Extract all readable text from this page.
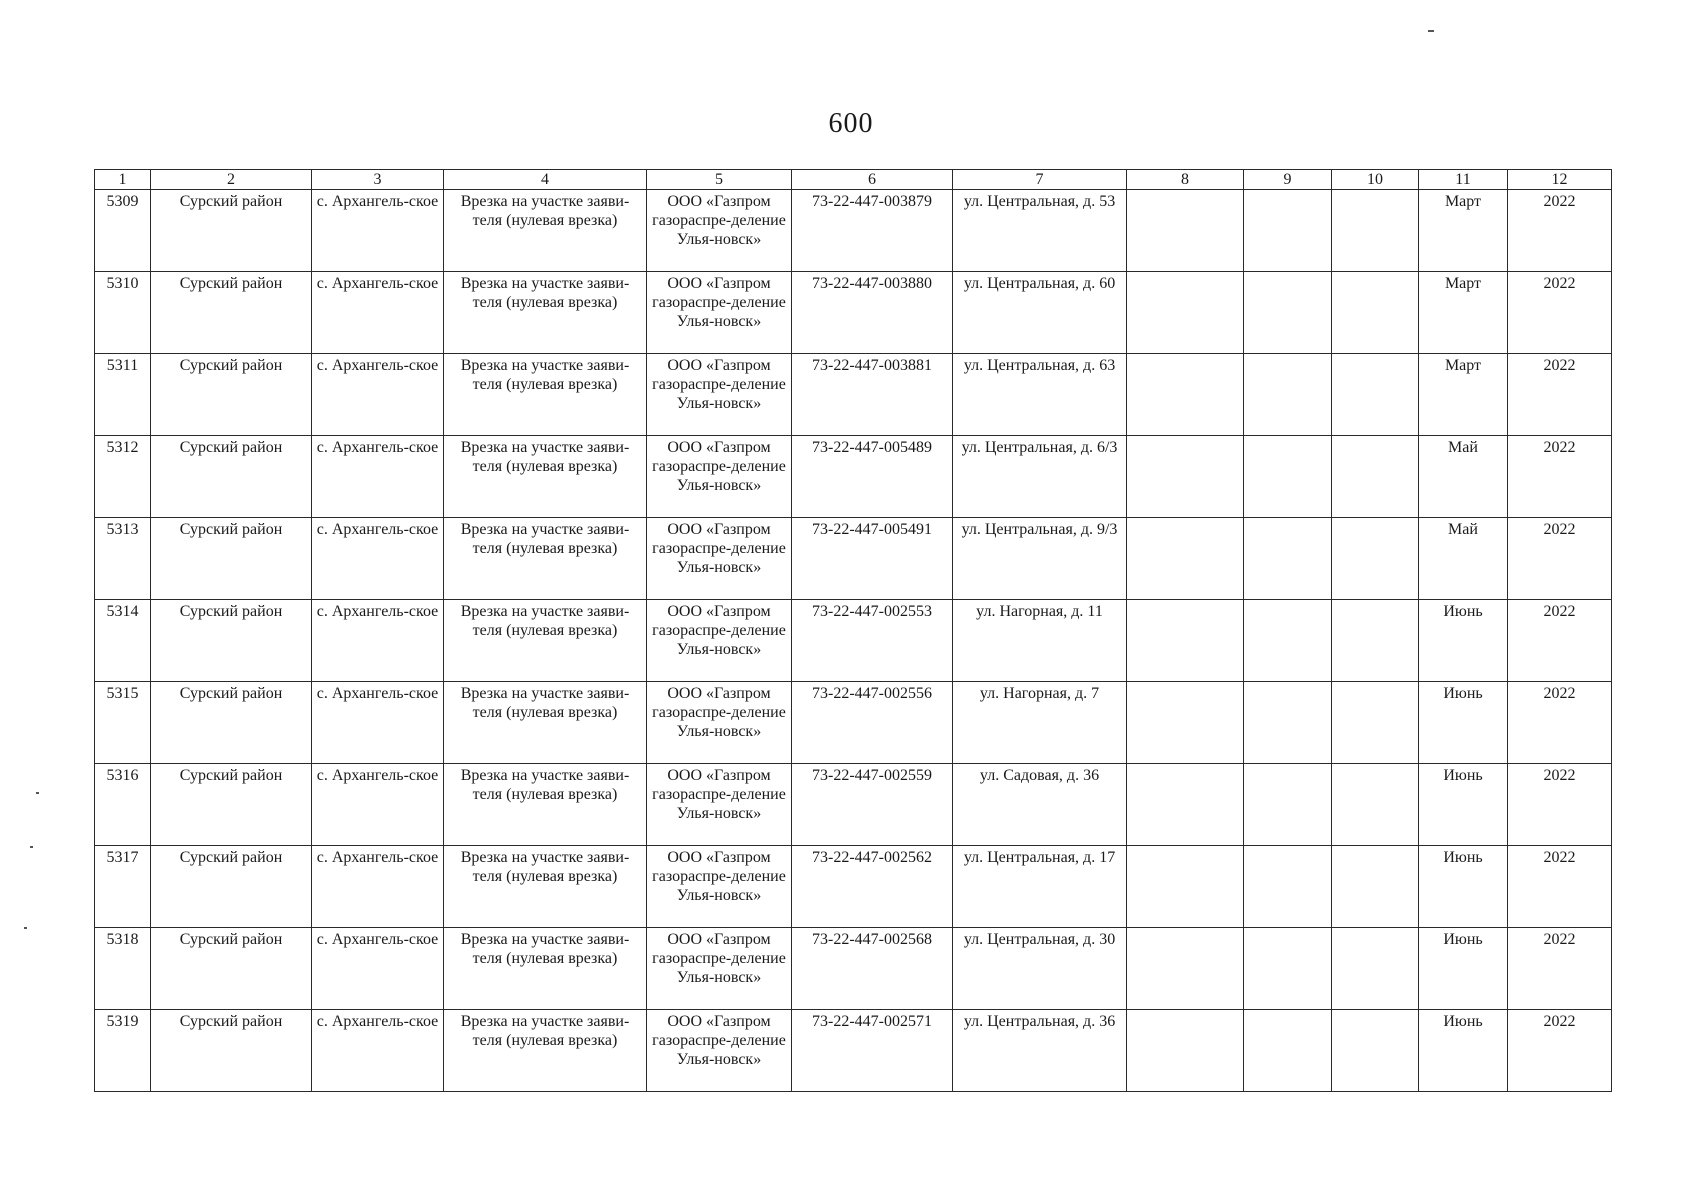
600
1	2	3	4	5	6	7	8	9	10	11	12
5309	Сурский район	с. Архангель-ское	Врезка на участке заяви-теля (нулевая врезка)	ООО «Газпром газораспре-деление Улья-новск»	73-22-447-003879	ул. Центральная, д. 53				Март	2022
5310	Сурский район	с. Архангель-ское	Врезка на участке заяви-теля (нулевая врезка)	ООО «Газпром газораспре-деление Улья-новск»	73-22-447-003880	ул. Центральная, д. 60				Март	2022
5311	Сурский район	с. Архангель-ское	Врезка на участке заяви-теля (нулевая врезка)	ООО «Газпром газораспре-деление Улья-новск»	73-22-447-003881	ул. Центральная, д. 63				Март	2022
5312	Сурский район	с. Архангель-ское	Врезка на участке заяви-теля (нулевая врезка)	ООО «Газпром газораспре-деление Улья-новск»	73-22-447-005489	ул. Центральная, д. 6/3				Май	2022
5313	Сурский район	с. Архангель-ское	Врезка на участке заяви-теля (нулевая врезка)	ООО «Газпром газораспре-деление Улья-новск»	73-22-447-005491	ул. Центральная, д. 9/3				Май	2022
5314	Сурский район	с. Архангель-ское	Врезка на участке заяви-теля (нулевая врезка)	ООО «Газпром газораспре-деление Улья-новск»	73-22-447-002553	ул. Нагорная, д. 11				Июнь	2022
5315	Сурский район	с. Архангель-ское	Врезка на участке заяви-теля (нулевая врезка)	ООО «Газпром газораспре-деление Улья-новск»	73-22-447-002556	ул. Нагорная, д. 7				Июнь	2022
5316	Сурский район	с. Архангель-ское	Врезка на участке заяви-теля (нулевая врезка)	ООО «Газпром газораспре-деление Улья-новск»	73-22-447-002559	ул. Садовая, д. 36				Июнь	2022
5317	Сурский район	с. Архангель-ское	Врезка на участке заяви-теля (нулевая врезка)	ООО «Газпром газораспре-деление Улья-новск»	73-22-447-002562	ул. Центральная, д. 17				Июнь	2022
5318	Сурский район	с. Архангель-ское	Врезка на участке заяви-теля (нулевая врезка)	ООО «Газпром газораспре-деление Улья-новск»	73-22-447-002568	ул. Центральная, д. 30				Июнь	2022
5319	Сурский район	с. Архангель-ское	Врезка на участке заяви-теля (нулевая врезка)	ООО «Газпром газораспре-деление Улья-новск»	73-22-447-002571	ул. Центральная, д. 36				Июнь	2022
